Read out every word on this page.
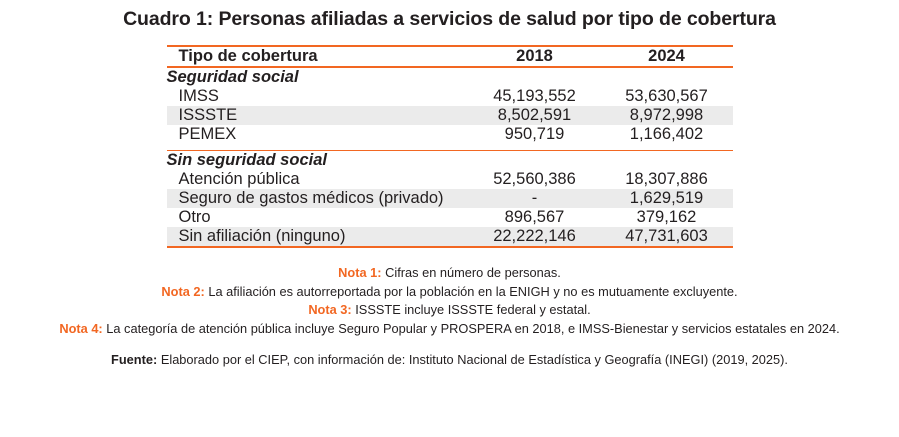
Cuadro 1: Personas afiliadas a servicios de salud por tipo de cobertura

Tipo de cobertura	2018	2024
Seguridad social		
IMSS	45,193,552	53,630,567
ISSSTE	8,502,591	8,972,998
PEMEX	950,719	1,166,402

Sin seguridad social		
Atención pública	52,560,386	18,307,886
Seguro de gastos médicos (privado)	-	1,629,519
Otro	896,567	379,162
Sin afiliación (ninguno)	22,222,146	47,731,603

Nota 1: Cifras en número de personas.
Nota 2: La afiliación es autorreportada por la población en la ENIGH y no es mutuamente excluyente.
Nota 3: ISSSTE incluye ISSSTE federal y estatal.
Nota 4: La categoría de atención pública incluye Seguro Popular y PROSPERA en 2018, e IMSS-Bienestar y servicios estatales en 2024.
Fuente: Elaborado por el CIEP, con información de: Instituto Nacional de Estadística y Geografía (INEGI) (2019, 2025).
